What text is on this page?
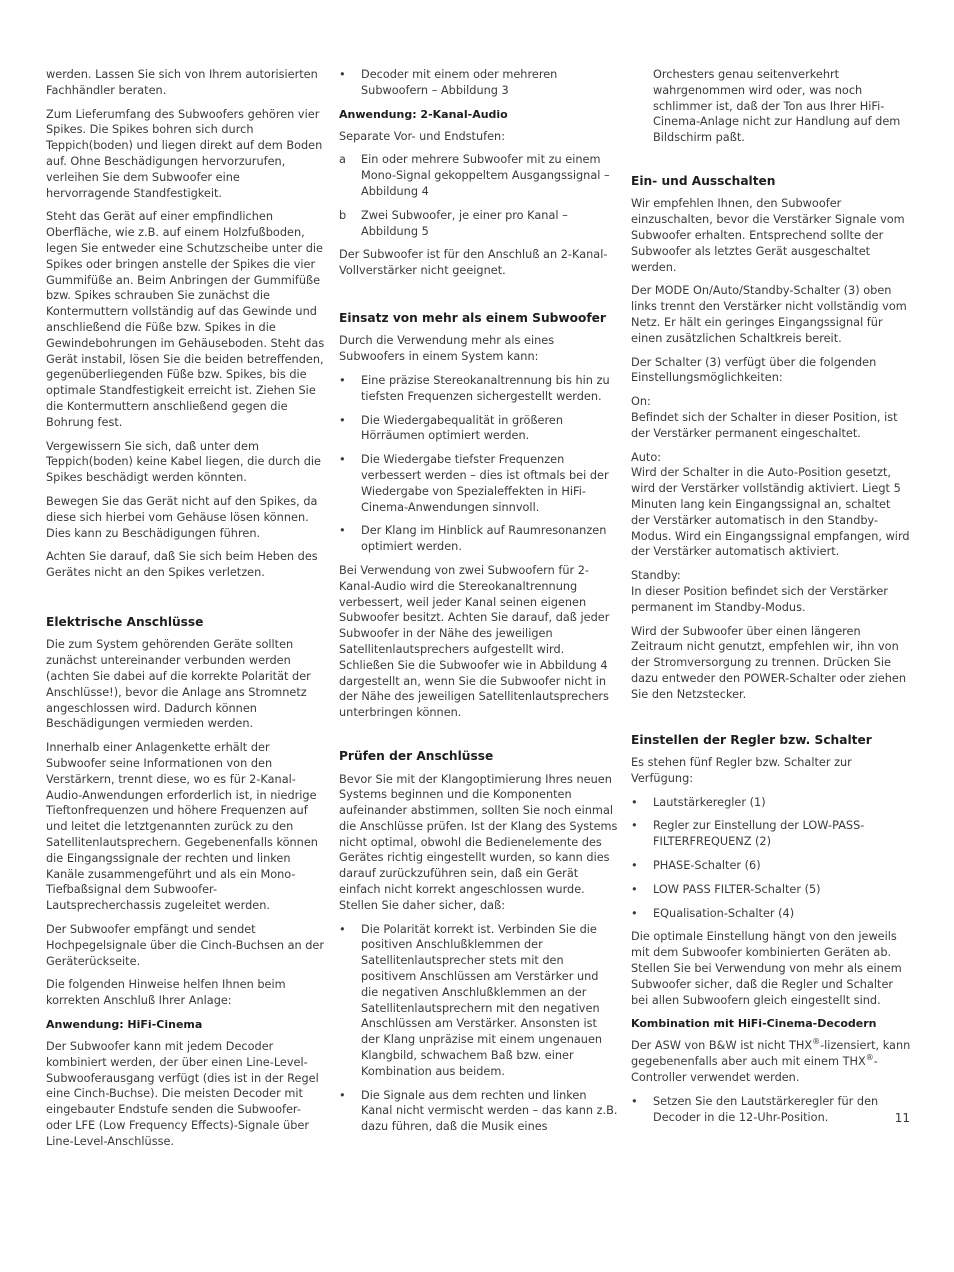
werden. Lassen Sie sich von Ihrem autorisierten Fachhändler beraten.

Zum Lieferumfang des Subwoofers gehören vier Spikes. Die Spikes bohren sich durch Teppich(boden) und liegen direkt auf dem Boden auf. Ohne Beschädigungen hervorzurufen, verleihen Sie dem Subwoofer eine hervorragende Standfestigkeit.

Steht das Gerät auf einer empfindlichen Oberfläche, wie z.B. auf einem Holzfußboden, legen Sie entweder eine Schutzscheibe unter die Spikes oder bringen anstelle der Spikes die vier Gummifüße an. Beim Anbringen der Gummifüße bzw. Spikes schrauben Sie zunächst die Kontermuttern vollständig auf das Gewinde und anschließend die Füße bzw. Spikes in die Gewindebohrungen im Gehäuseboden. Steht das Gerät instabil, lösen Sie die beiden betreffenden, gegenüberliegenden Füße bzw. Spikes, bis die optimale Standfestigkeit erreicht ist. Ziehen Sie die Kontermuttern anschließend gegen die Bohrung fest.

Vergewissern Sie sich, daß unter dem Teppich(boden) keine Kabel liegen, die durch die Spikes beschädigt werden könnten.

Bewegen Sie das Gerät nicht auf den Spikes, da diese sich hierbei vom Gehäuse lösen können. Dies kann zu Beschädigungen führen.

Achten Sie darauf, daß Sie sich beim Heben des Gerätes nicht an den Spikes verletzen.

Elektrische Anschlüsse

Die zum System gehörenden Geräte sollten zunächst untereinander verbunden werden (achten Sie dabei auf die korrekte Polarität der Anschlüsse!), bevor die Anlage ans Stromnetz angeschlossen wird. Dadurch können Beschädigungen vermieden werden.

Innerhalb einer Anlagenkette erhält der Subwoofer seine Informationen von den Verstärkern, trennt diese, wo es für 2-Kanal-Audio-Anwendungen erforderlich ist, in niedrige Tieftonfrequenzen und höhere Frequenzen auf und leitet die letztgenannten zurück zu den Satellitenlautsprechern. Gegebenenfalls können die Eingangssignale der rechten und linken Kanäle zusammengeführt und als ein Mono-Tiefbaßsignal dem Subwoofer-Lautsprecherchassis zugeleitet werden.

Der Subwoofer empfängt und sendet Hochpegelsignale über die Cinch-Buchsen an der Geräterückseite.

Die folgenden Hinweise helfen Ihnen beim korrekten Anschluß Ihrer Anlage:

Anwendung: HiFi-Cinema

Der Subwoofer kann mit jedem Decoder kombiniert werden, der über einen Line-Level-Subwooferausgang verfügt (dies ist in der Regel eine Cinch-Buchse). Die meisten Decoder mit eingebauter Endstufe senden die Subwoofer- oder LFE (Low Frequency Effects)-Signale über Line-Level-Anschlüsse.

•	Decoder mit einem oder mehreren Subwoofern – Abbildung 3
Anwendung: 2-Kanal-Audio

Separate Vor- und Endstufen:

a	Ein oder mehrere Subwoofer mit zu einem Mono-Signal gekoppeltem Ausgangssignal – Abbildung 4
b	Zwei Subwoofer, je einer pro Kanal – Abbildung 5

Der Subwoofer ist für den Anschluß an 2-Kanal-Vollverstärker nicht geeignet.

Einsatz von mehr als einem Subwoofer

Durch die Verwendung mehr als eines Subwoofers in einem System kann:

•	Eine präzise Stereokanaltrennung bis hin zu tiefsten Frequenzen sichergestellt werden.
•	Die Wiedergabequalität in größeren Hörräumen optimiert werden.
•	Die Wiedergabe tiefster Frequenzen verbessert werden – dies ist oftmals bei der Wiedergabe von Spezialeffekten in HiFi-Cinema-Anwendungen sinnvoll.
•	Der Klang im Hinblick auf Raumresonanzen optimiert werden.

Bei Verwendung von zwei Subwoofern für 2-Kanal-Audio wird die Stereokanaltrennung verbessert, weil jeder Kanal seinen eigenen Subwoofer besitzt. Achten Sie darauf, daß jeder Subwoofer in der Nähe des jeweiligen Satellitenlautsprechers aufgestellt wird. Schließen Sie die Subwoofer wie in Abbildung 4 dargestellt an, wenn Sie die Subwoofer nicht in der Nähe des jeweiligen Satellitenlautsprechers unterbringen können.

Prüfen der Anschlüsse

Bevor Sie mit der Klangoptimierung Ihres neuen Systems beginnen und die Komponenten aufeinander abstimmen, sollten Sie noch einmal die Anschlüsse prüfen. Ist der Klang des Systems nicht optimal, obwohl die Bedienelemente des Gerätes richtig eingestellt wurden, so kann dies darauf zurückzuführen sein, daß ein Gerät einfach nicht korrekt angeschlossen wurde. Stellen Sie daher sicher, daß:

•	Die Polarität korrekt ist. Verbinden Sie die positiven Anschlußklemmen der Satellitenlautsprecher stets mit den positivem Anschlüssen am Verstärker und die negativen Anschlußklemmen an der Satellitenlautsprechern mit den negativen Anschlüssen am Verstärker. Ansonsten ist der Klang unpräzise mit einem ungenauen Klangbild, schwachem Baß bzw. einer Kombination aus beidem.
•	Die Signale aus dem rechten und linken Kanal nicht vermischt werden – das kann z.B. dazu führen, daß die Musik eines

Orchesters genau seitenverkehrt wahrgenommen wird oder, was noch schlimmer ist, daß der Ton aus Ihrer HiFi-Cinema-Anlage nicht zur Handlung auf dem Bildschirm paßt.

Ein- und Ausschalten

Wir empfehlen Ihnen, den Subwoofer einzuschalten, bevor die Verstärker Signale vom Subwoofer erhalten. Entsprechend sollte der Subwoofer als letztes Gerät ausgeschaltet werden.

Der MODE On/Auto/Standby-Schalter (3) oben links trennt den Verstärker nicht vollständig vom Netz. Er hält ein geringes Eingangssignal für einen zusätzlichen Schaltkreis bereit.

Der Schalter (3) verfügt über die folgenden Einstellungsmöglichkeiten:

On:
Befindet sich der Schalter in dieser Position, ist der Verstärker permanent eingeschaltet.

Auto:
Wird der Schalter in die Auto-Position gesetzt, wird der Verstärker vollständig aktiviert. Liegt 5 Minuten lang kein Eingangssignal an, schaltet der Verstärker automatisch in den Standby-Modus. Wird ein Eingangssignal empfangen, wird der Verstärker automatisch aktiviert.

Standby:
In dieser Position befindet sich der Verstärker permanent im Standby-Modus.

Wird der Subwoofer über einen längeren Zeitraum nicht genutzt, empfehlen wir, ihn von der Stromversorgung zu trennen. Drücken Sie dazu entweder den POWER-Schalter oder ziehen Sie den Netzstecker.

Einstellen der Regler bzw. Schalter

Es stehen fünf Regler bzw. Schalter zur Verfügung:

•	Lautstärkeregler (1)
•	Regler zur Einstellung der LOW-PASS-FILTERFREQUENZ (2)
•	PHASE-Schalter (6)
•	LOW PASS FILTER-Schalter (5)
•	EQualisation-Schalter (4)

Die optimale Einstellung hängt von den jeweils mit dem Subwoofer kombinierten Geräten ab. Stellen Sie bei Verwendung von mehr als einem Subwoofer sicher, daß die Regler und Schalter bei allen Subwoofern gleich eingestellt sind.

Kombination mit HiFi-Cinema-Decodern

Der ASW von B&W ist nicht THX®-lizensiert, kann gegebenenfalls aber auch mit einem THX®-Controller verwendet werden.

•	Setzen Sie den Lautstärkeregler für den Decoder in die 12-Uhr-Position.	11
